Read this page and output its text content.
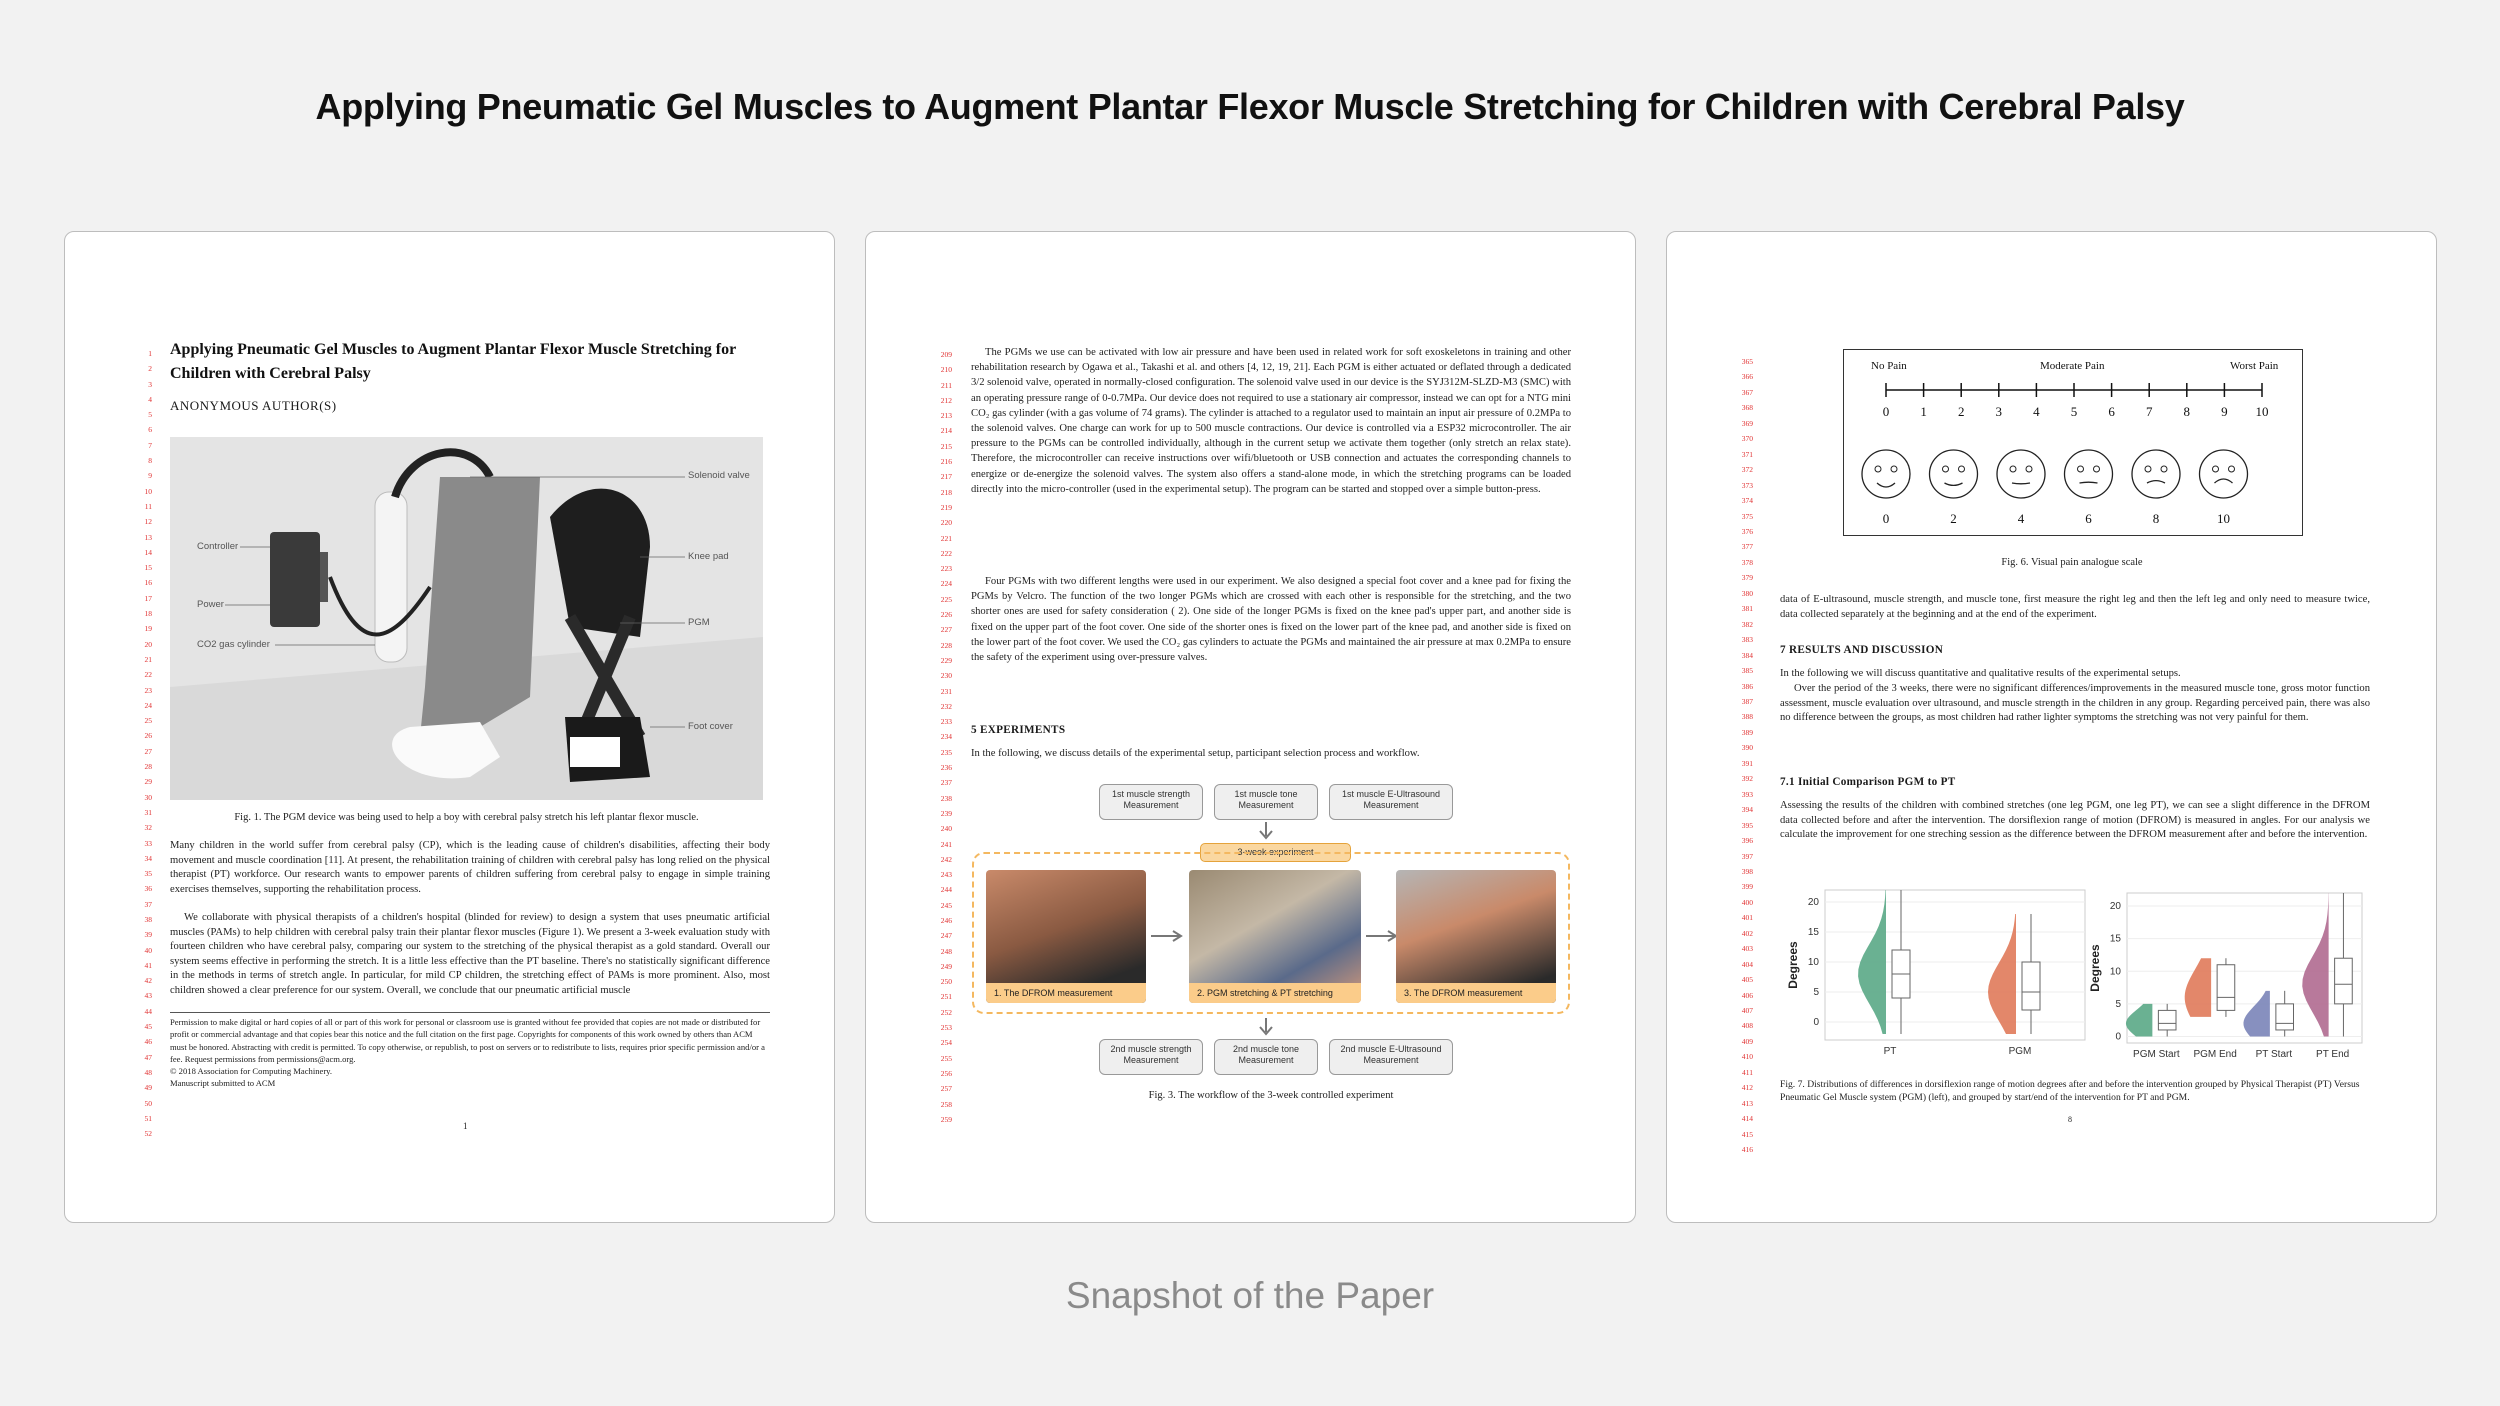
Applying Pneumatic Gel Muscles to Augment Plantar Flexor Muscle Stretching for Children with Cerebral Palsy
1
2
3
4
5
6
7
8
9
10
11
12
13
14
15
16
17
18
19
20
21
22
23
24
25
26
27
28
29
30
31
32
33
34
35
36
37
38
39
40
41
42
43
44
45
46
47
48
49
50
51
52
Applying Pneumatic Gel Muscles to Augment Plantar Flexor Muscle Stretching for Children with Cerebral Palsy
ANONYMOUS AUTHOR(S)
Solenoid valve
Controller
Knee pad
Power
PGM
CO2 gas cylinder
Foot cover
Fig. 1. The PGM device was being used to help a boy with cerebral palsy stretch his left plantar flexor muscle.
Many children in the world suffer from cerebral palsy (CP), which is the leading cause of children's disabilities, affecting their body movement and muscle coordination [11]. At present, the rehabilitation training of children with cerebral palsy has long relied on the physical therapist (PT) workforce. Our research wants to empower parents of children suffering from cerebral palsy to engage in simple training exercises themselves, supporting the rehabilitation process.
We collaborate with physical therapists of a children's hospital (blinded for review) to design a system that uses pneumatic artificial muscles (PAMs) to help children with cerebral palsy train their plantar flexor muscles (Figure 1). We present a 3-week evaluation study with fourteen children who have cerebral palsy, comparing our system to the stretching of the physical therapist as a gold standard. Overall our system seems effective in performing the stretch. It is a little less effective than the PT baseline. There's no statistically significant difference in the methods in terms of stretch angle. In particular, for mild CP children, the stretching effect of PAMs is more prominent. Also, most children showed a clear preference for our system. Overall, we conclude that our pneumatic artificial muscle
Permission to make digital or hard copies of all or part of this work for personal or classroom use is granted without fee provided that copies are not made or distributed for profit or commercial advantage and that copies bear this notice and the full citation on the first page. Copyrights for components of this work owned by others than ACM must be honored. Abstracting with credit is permitted. To copy otherwise, or republish, to post on servers or to redistribute to lists, requires prior specific permission and/or a fee. Request permissions from permissions@acm.org.
© 2018 Association for Computing Machinery.
Manuscript submitted to ACM
1
209
210
211
212
213
214
215
216
217
218
219
220
221
222
223
224
225
226
227
228
229
230
231
232
233
234
235
236
237
238
239
240
241
242
243
244
245
246
247
248
249
250
251
252
253
254
255
256
257
258
259
The PGMs we use can be activated with low air pressure and have been used in related work for soft exoskeletons in training and other rehabilitation research by Ogawa et al., Takashi et al. and others [4, 12, 19, 21]. Each PGM is either actuated or deflated through a dedicated 3/2 solenoid valve, operated in normally-closed configuration. The solenoid valve used in our device is the SYJ312M-SLZD-M3 (SMC) with an operating pressure range of 0-0.7MPa. Our device does not required to use a stationary air compressor, instead we can opt for a NTG mini CO₂ gas cylinder (with a gas volume of 74 grams). The cylinder is attached to a regulator used to maintain an input air pressure of 0.2MPa to the solenoid valves. One charge can work for up to 500 muscle contractions. Our device is controlled via a ESP32 microcontroller. The air pressure to the PGMs can be controlled individually, although in the current setup we activate them together (only stretch an relax state). Therefore, the microcontroller can receive instructions over wifi/bluetooth or USB connection and actuates the corresponding channels to energize or de-energize the solenoid valves. The system also offers a stand-alone mode, in which the stretching programs can be loaded directly into the micro-controller (used in the experimental setup). The program can be started and stopped over a simple button-press.
Four PGMs with two different lengths were used in our experiment. We also designed a special foot cover and a knee pad for fixing the PGMs by Velcro. The function of the two longer PGMs which are crossed with each other is responsible for the stretching, and the two shorter ones are used for safety consideration ( 2). One side of the longer PGMs is fixed on the knee pad's upper part, and another side is fixed on the upper part of the foot cover. One side of the shorter ones is fixed on the lower part of the knee pad, and another side is fixed on the lower part of the foot cover. We used the CO₂ gas cylinders to actuate the PGMs and maintained the air pressure at max 0.2MPa to ensure the safety of the experiment using over-pressure valves.
5 EXPERIMENTS
In the following, we discuss details of the experimental setup, participant selection process and workflow.
1st muscle strength Measurement
1st muscle tone Measurement
1st muscle E-Ultrasound Measurement
3-week experiment
1. The DFROM measurement	2. PGM stretching & PT stretching	3. The DFROM measurement
2nd muscle strength Measurement
2nd muscle tone Measurement
2nd muscle E-Ultrasound Measurement
Fig. 3. The workflow of the 3-week controlled experiment
365
366
367
368
369
370
371
372
373
374
375
376
377
378
379
380
381
382
383
384
385
386
387
388
389
390
391
392
393
394
395
396
397
398
399
400
401
402
403
404
405
406
407
408
409
410
411
412
413
414
415
416
No Pain	Moderate Pain	Worst Pain
0 1 2 3 4 5 6 7 8 9 10
0	2	4	6	8	10
Fig. 6. Visual pain analogue scale
data of E-ultrasound, muscle strength, and muscle tone, first measure the right leg and then the left leg and only need to measure twice, data collected separately at the beginning and at the end of the experiment.
7 RESULTS AND DISCUSSION
In the following we will discuss quantitative and qualitative results of the experimental setups.
Over the period of the 3 weeks, there were no significant differences/improvements in the measured muscle tone, gross motor function assessment, muscle evaluation over ultrasound, and muscle strength in the children in any group. Regarding perceived pain, there was also no difference between the groups, as most children had rather lighter symptoms the stretching was not very painful for them.
7.1 Initial Comparison PGM to PT
Assessing the results of the children with combined stretches (one leg PGM, one leg PT), we can see a slight difference in the DFROM data collected before and after the intervention. The dorsiflexion range of motion (DFROM) is measured in angles. For our analysis we calculate the improvement for one streching session as the difference between the DFROM measurement after and before the intervention.
0
5
10
15
20
Degrees
PT	PGM
0
5
10
15
20
Degrees
PGM Start PGM End PT Start PT End
Fig. 7. Distributions of differences in dorsiflexion range of motion degrees after and before the intervention grouped by Physical Therapist (PT) Versus Pneumatic Gel Muscle system (PGM) (left), and grouped by start/end of the intervention for PT and PGM.
8
Snapshot of the Paper
